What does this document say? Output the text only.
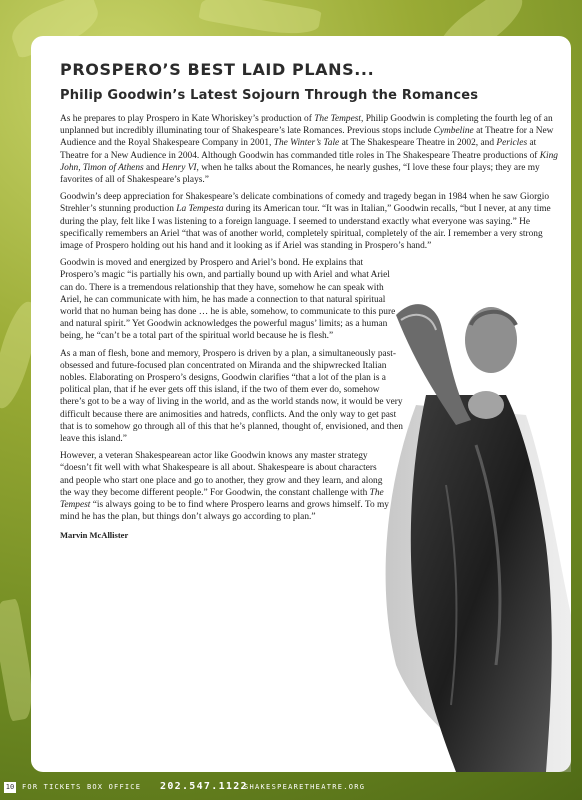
PROSPERO’S BEST LAID PLANS...
Philip Goodwin’s Latest Sojourn Through the Romances

As he prepares to play Prospero in Kate Whoriskey’s production of The Tempest, Philip Goodwin is completing the fourth leg of an unplanned but incredibly illuminating tour of Shakespeare’s late Romances. Previous stops include Cymbeline at Theatre for a New Audience and the Royal Shakespeare Company in 2001, The Winter’s Tale at The Shakespeare Theatre in 2002, and Pericles at Theatre for a New Audience in 2004. Although Goodwin has commanded title roles in The Shakespeare Theatre productions of King John, Timon of Athens and Henry VI, when he talks about the Romances, he nearly gushes, “I love these four plays; they are my favorites of all of Shakespeare’s plays.”

Goodwin’s deep appreciation for Shakespeare’s delicate combinations of comedy and tragedy began in 1984 when he saw Giorgio Strehler’s stunning production La Tempesta during its American tour. “It was in Italian,” Goodwin recalls, “but I never, at any time during the play, felt like I was listening to a foreign language. I seemed to understand exactly what everyone was saying.” He specifically remembers an Ariel “that was of another world, completely spiritual, completely of the air. I remember a very strong image of Prospero holding out his hand and it looking as if Ariel was standing in Prospero’s hand.”

Goodwin is moved and energized by Prospero and Ariel’s bond. He explains that Prospero’s magic “is partially his own, and partially bound up with Ariel and what Ariel can do. There is a tremendous relationship that they have, somehow he can speak with Ariel, he can communicate with him, he has made a connection to that natural spiritual world that no human being has done … he is able, somehow, to communicate to this pure and natural spirit.” Yet Goodwin acknowledges the powerful magus’ limits; as a human being, he “can’t be a total part of the spiritual world because he is flesh.”

As a man of flesh, bone and memory, Prospero is driven by a plan, a simultaneously past-obsessed and future-focused plan concentrated on Miranda and the shipwrecked Italian nobles. Elaborating on Prospero’s designs, Goodwin clarifies “that a lot of the plan is a political plan, that if he ever gets off this island, if the two of them ever do, somehow there’s got to be a way of living in the world, and as the world stands now, it would be very difficult because there are animosities and hatreds, conflicts. And the only way to get past that is to somehow go through all of this that he’s planned, thought of, envisioned, and then leave this island.”

However, a veteran Shakespearean actor like Goodwin knows any master strategy “doesn’t fit well with what Shakespeare is all about. Shakespeare is about characters and people who start one place and go to another, they grow and they learn, and along the way they become different people.” For Goodwin, the constant challenge with The Tempest “is always going to be to find where Prospero learns and grows himself. To my mind he has the plan, but things don’t always go according to plan.”

Marvin McAllister

10 FOR TICKETS BOX OFFICE 202.547.1122
SHAKESPEARETHEATRE.ORG
